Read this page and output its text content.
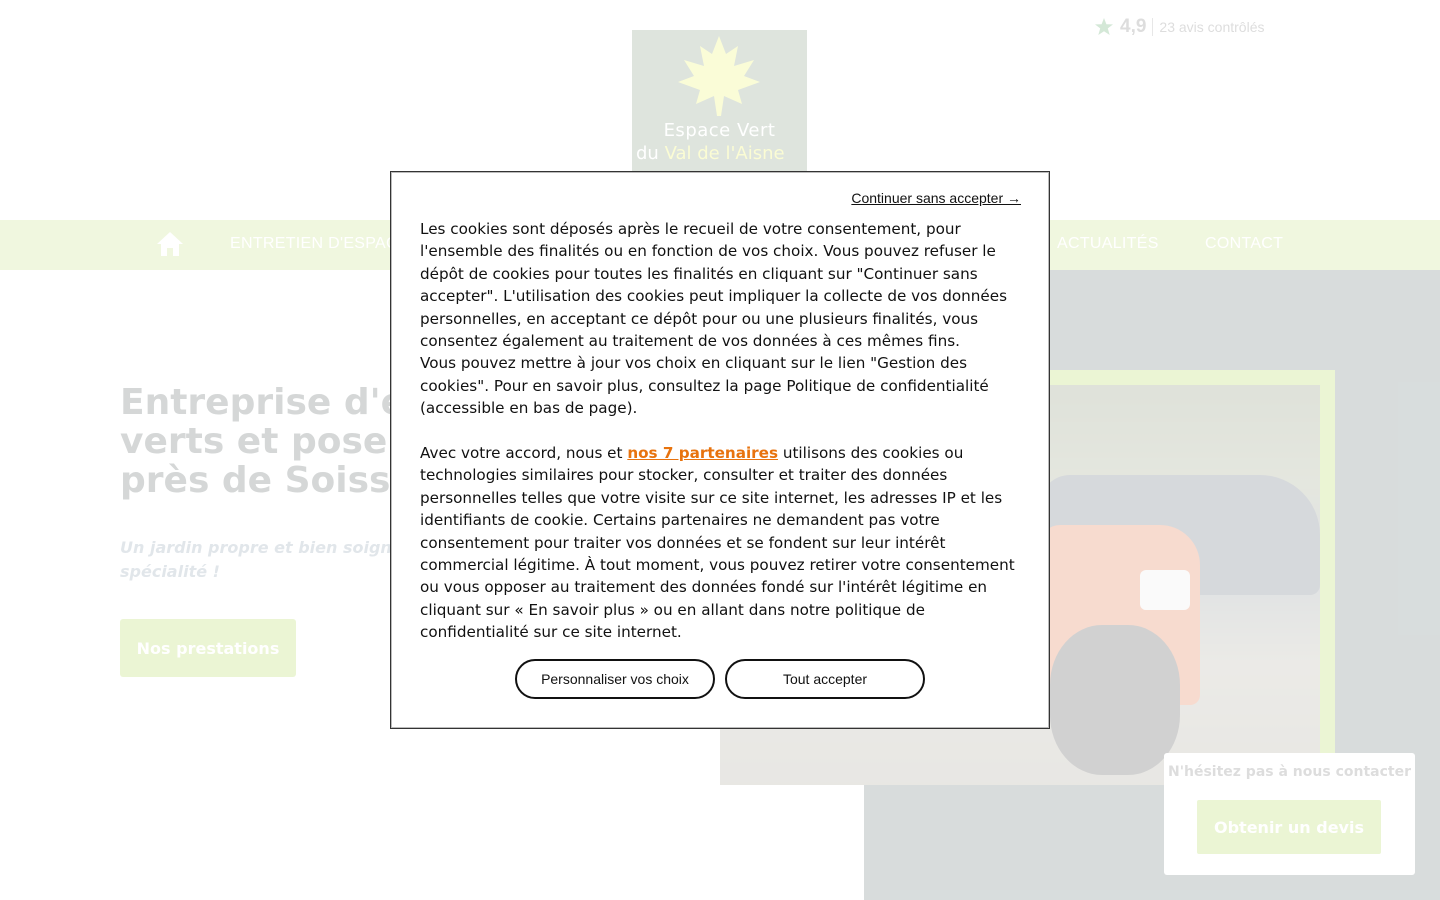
Continuer sans accepter →

Les cookies sont déposés après le recueil de votre consentement, pour l'ensemble des finalités ou en fonction de vos choix. Vous pouvez refuser le dépôt de cookies pour toutes les finalités en cliquant sur "Continuer sans accepter". L'utilisation des cookies peut impliquer la collecte de vos données personnelles, en acceptant ce dépôt pour ou une plusieurs finalités, vous consentez également au traitement de vos données à ces mêmes fins.

Vous pouvez mettre à jour vos choix en cliquant sur le lien "Gestion des cookies". Pour en savoir plus, consultez la page Politique de confidentialité (accessible en bas de page).

Avec votre accord, nous et nos 7 partenaires utilisons des cookies ou technologies similaires pour stocker, consulter et traiter des données personnelles telles que votre visite sur ce site internet, les adresses IP et les identifiants de cookie. Certains partenaires ne demandent pas votre consentement pour traiter vos données et se fondent sur leur intérêt commercial légitime. À tout moment, vous pouvez retirer votre consentement ou vous opposer au traitement des données fondé sur l'intérêt légitime en cliquant sur « En savoir plus » ou en allant dans notre politique de confidentialité sur ce site internet.

Personnaliser vos choix	Tout accepter
